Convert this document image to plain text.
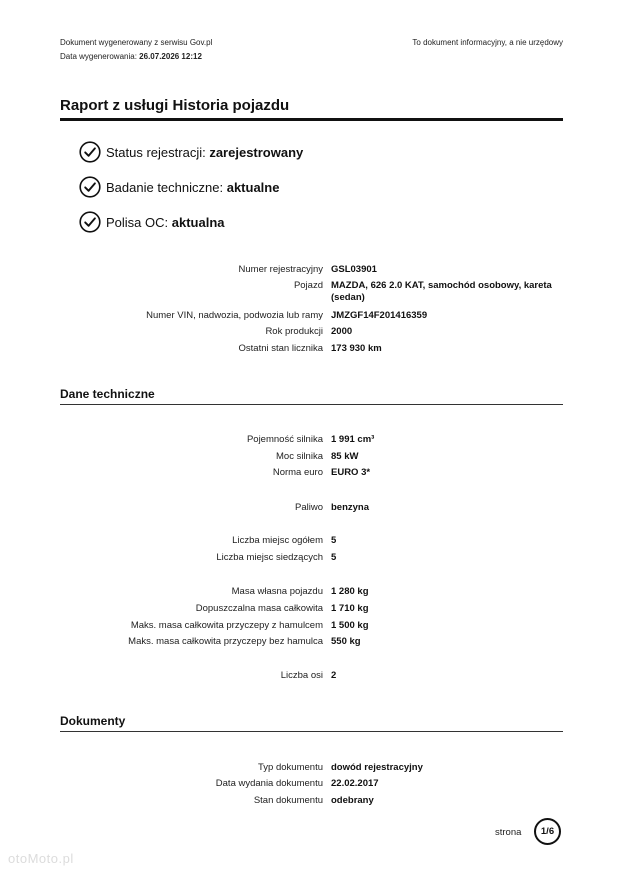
Dokument wygenerowany z serwisu Gov.pl
Data wygenerowania: 26.07.2026 12:12
To dokument informacyjny, a nie urzędowy
Raport z usługi Historia pojazdu
Status rejestracji:
zarejestrowany
Badanie techniczne:
aktualne
Polisa OC:
aktualna
Numer rejestracyjny GSL03901
Pojazd MAZDA, 626 2.0 KAT, samochód osobowy, kareta (sedan)
Numer VIN, nadwozia, podwozia lub ramy JMZGF14F201416359
Rok produkcji 2000
Ostatni stan licznika 173 930 km
Dane techniczne
Pojemność silnika 1 991 cm³
Moc silnika 85 kW
Norma euro EURO 3*
Paliwo benzyna
Liczba miejsc ogółem 5
Liczba miejsc siedzących 5
Masa własna pojazdu 1 280 kg
Dopuszczalna masa całkowita 1 710 kg
Maks. masa całkowita przyczepy z hamulcem 1 500 kg
Maks. masa całkowita przyczepy bez hamulca 550 kg
Liczba osi 2
Dokumenty
Typ dokumentu dowód rejestracyjny
Data wydania dokumentu 22.02.2017
Stan dokumentu odebrany
strona 1/6
otoMoto.pl
